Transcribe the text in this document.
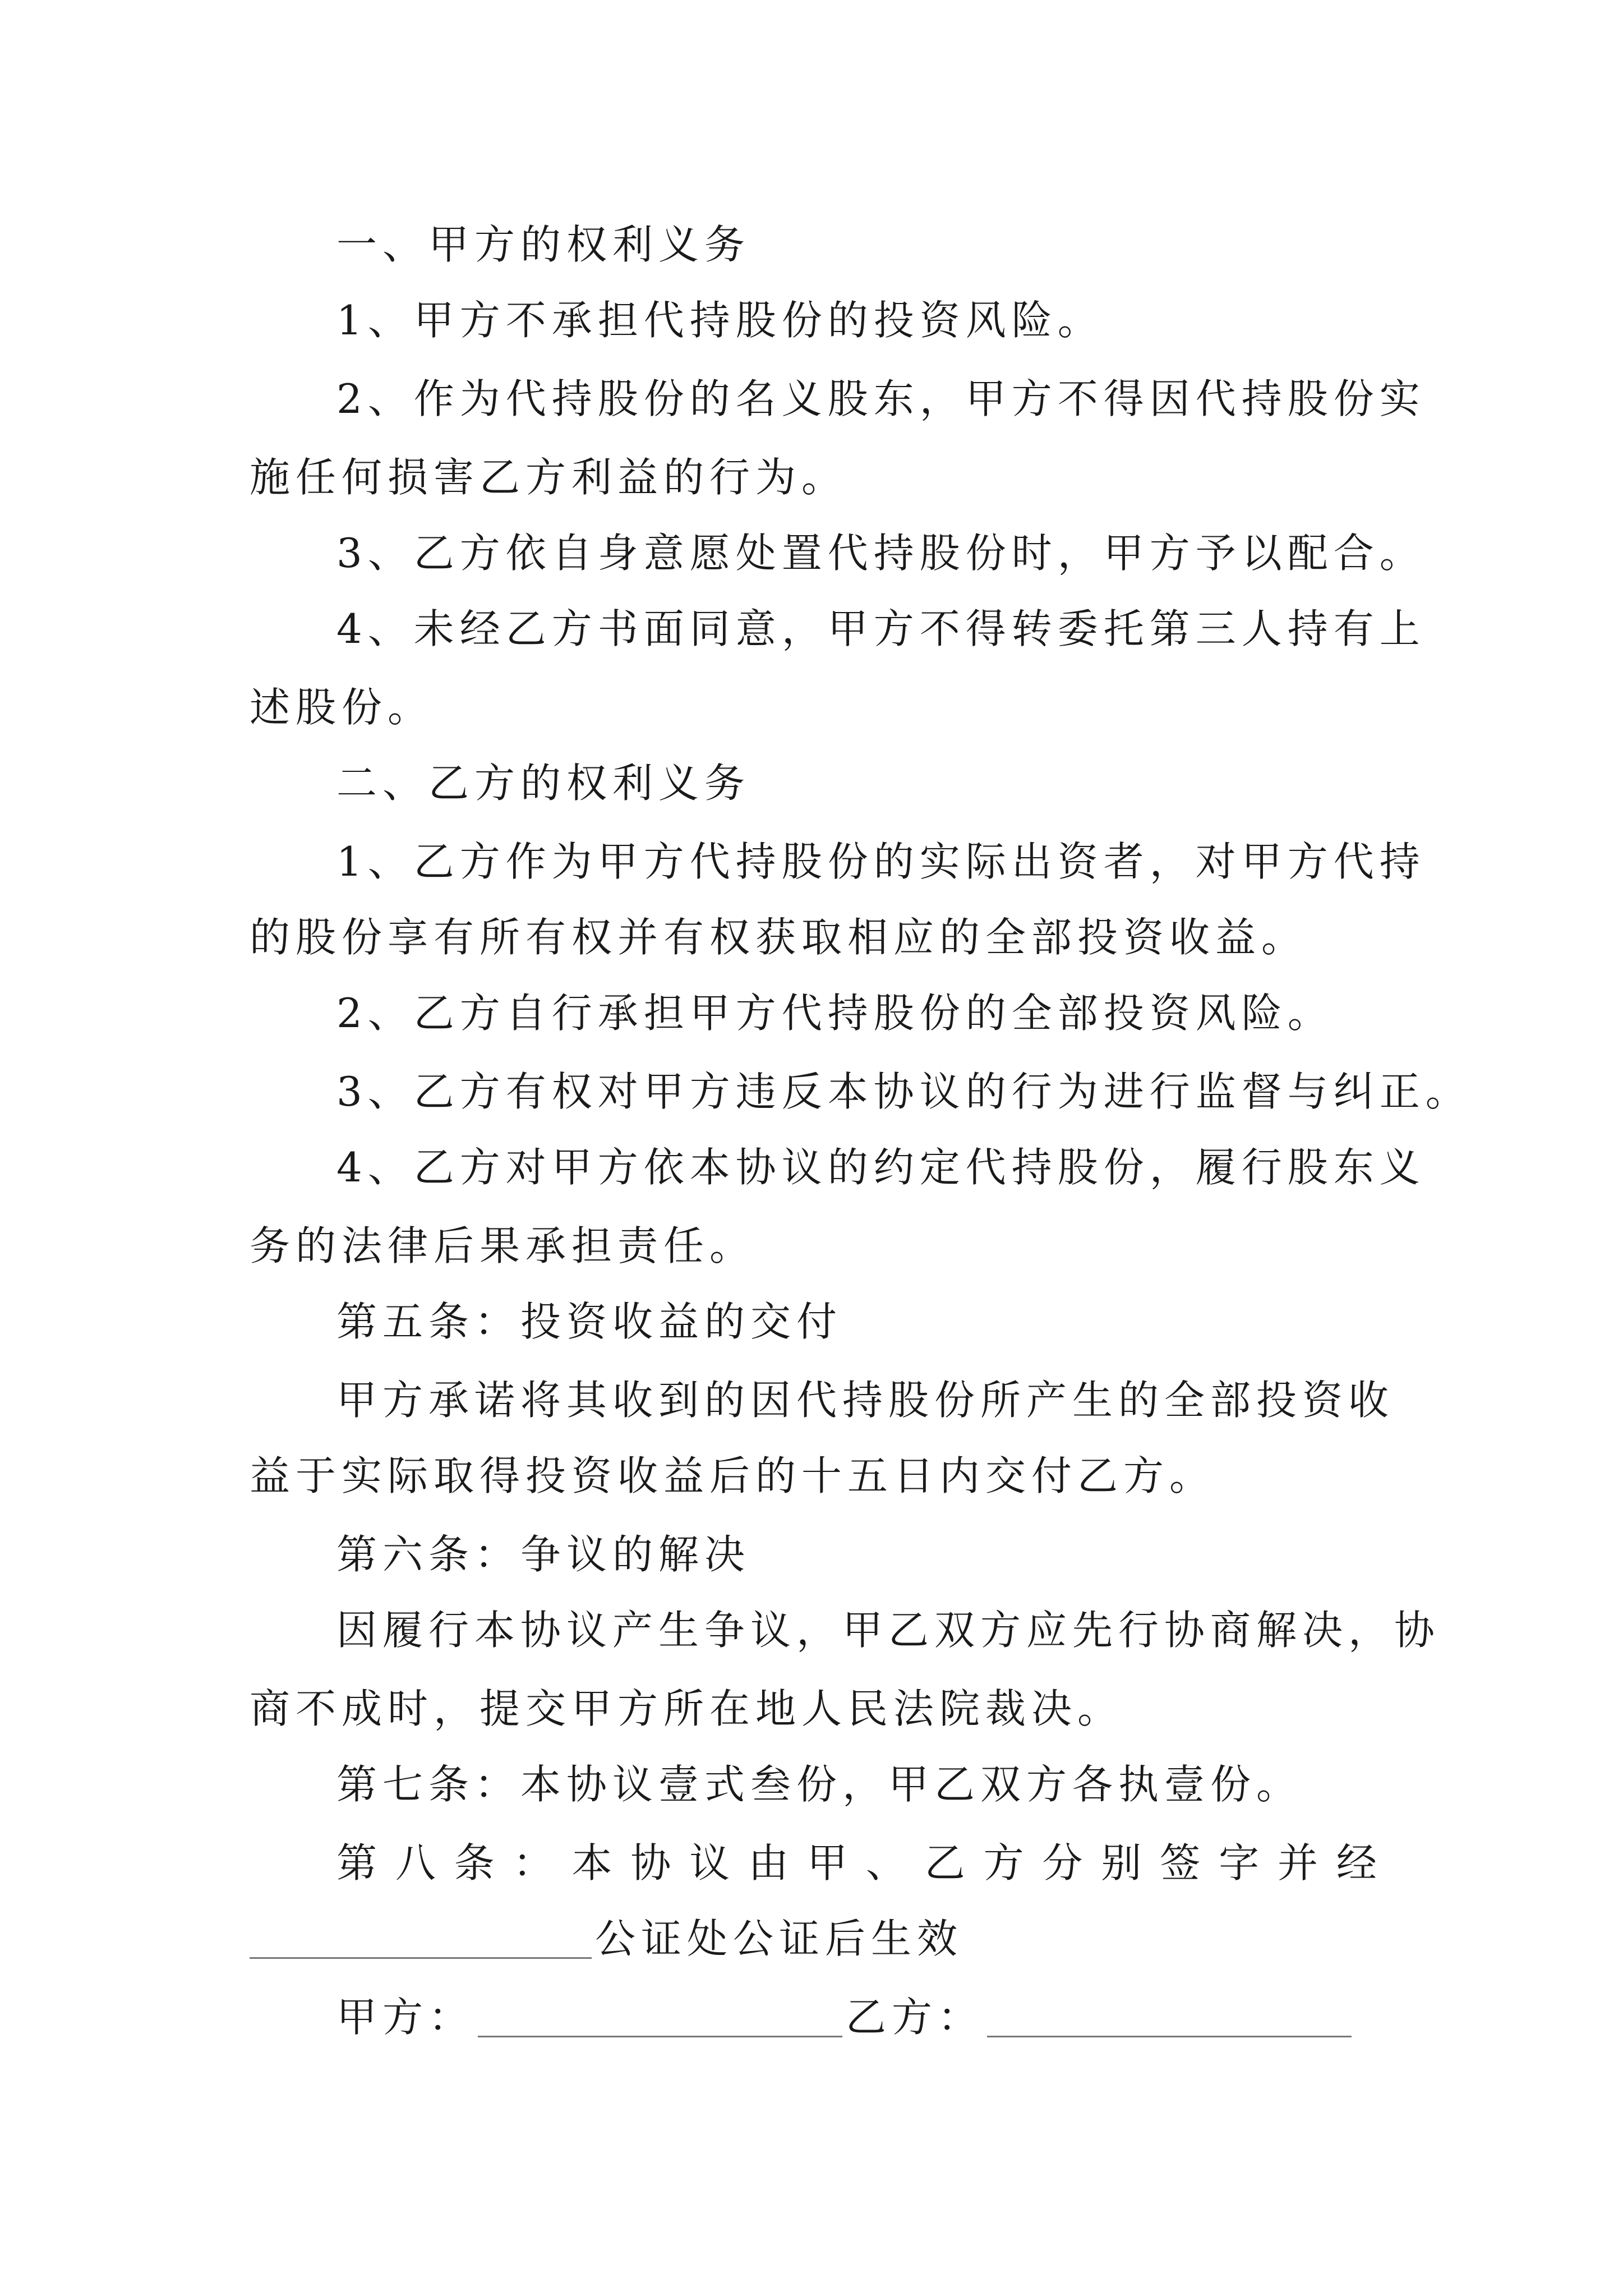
一、甲方的权利义务
1、甲方不承担代持股份的投资风险。
2、作为代持股份的名义股东，甲方不得因代持股份实
施任何损害乙方利益的行为。
3、乙方依自身意愿处置代持股份时，甲方予以配合。
4、未经乙方书面同意，甲方不得转委托第三人持有上
述股份。
二、乙方的权利义务
1、乙方作为甲方代持股份的实际出资者，对甲方代持
的股份享有所有权并有权获取相应的全部投资收益。
2、乙方自行承担甲方代持股份的全部投资风险。
3、乙方有权对甲方违反本协议的行为进行监督与纠正。
4、乙方对甲方依本协议的约定代持股份，履行股东义
务的法律后果承担责任。
第五条：投资收益的交付
甲方承诺将其收到的因代持股份所产生的全部投资收
益于实际取得投资收益后的十五日内交付乙方。
第六条：争议的解决
因履行本协议产生争议，甲乙双方应先行协商解决，协
商不成时，提交甲方所在地人民法院裁决。
第七条：本协议壹式叁份，甲乙双方各执壹份。
第 八 条 ： 本 协 议 由 甲 、 乙 方 分 别 签 字 并 经
公证处公证后生效
甲方：	乙方：
